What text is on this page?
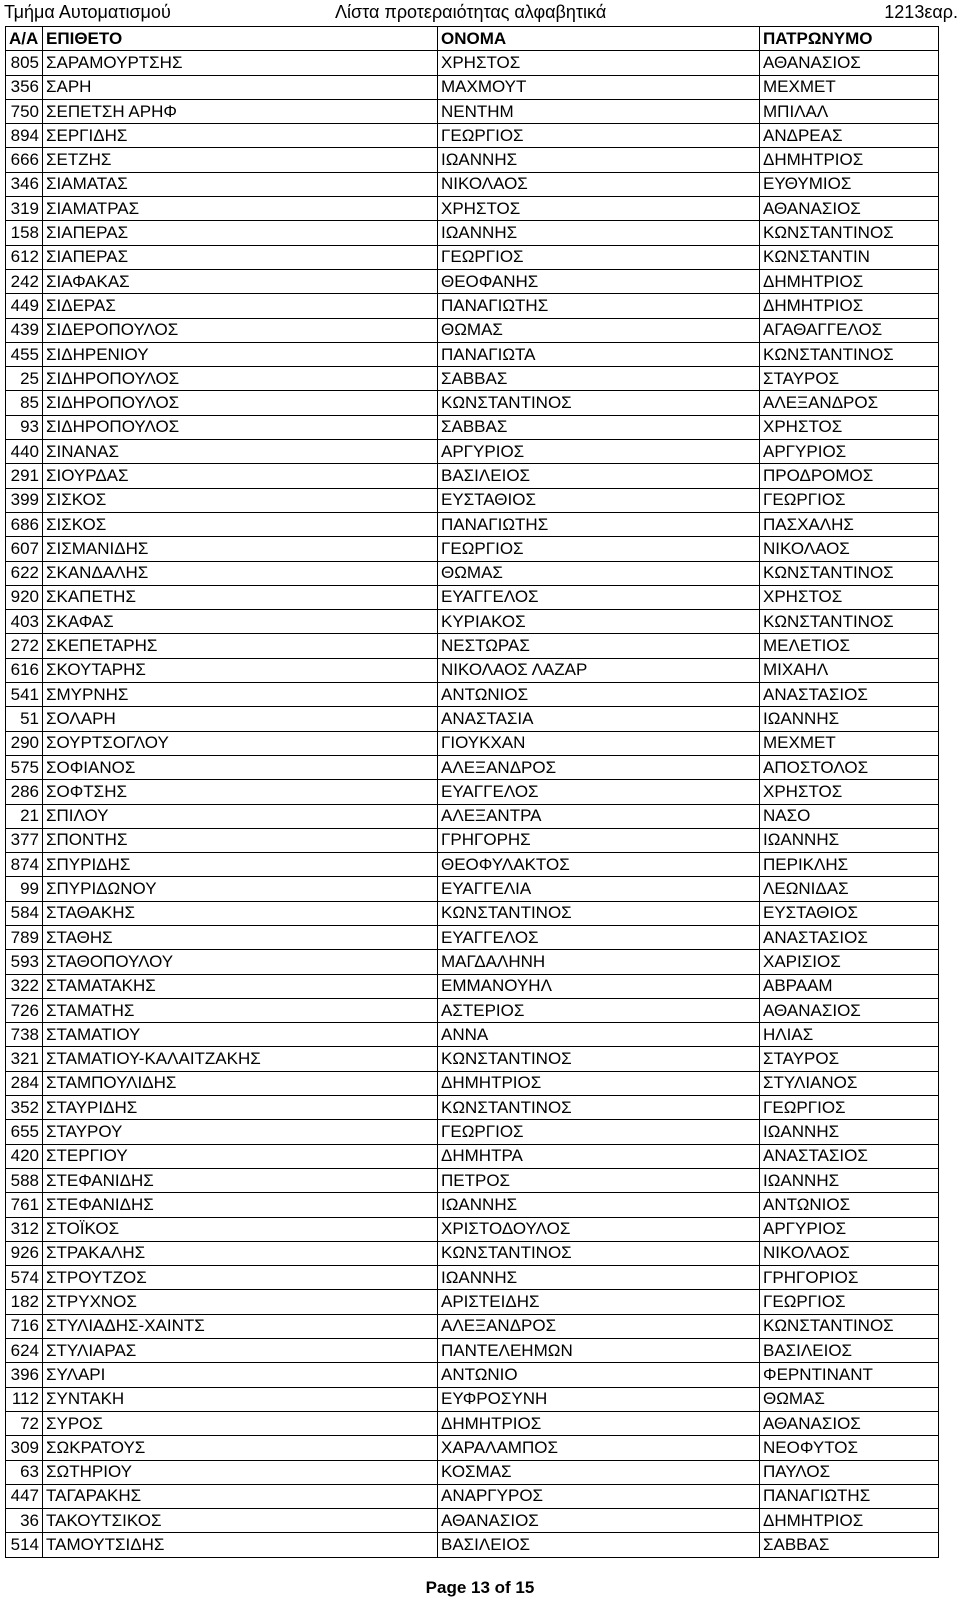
Τμήμα Αυτοματισμού	Λίστα προτεραιότητας αλφαβητικά	1213εαρ.
Α/Α	ΕΠΙΘΕΤΟ	ΟΝΟΜΑ	ΠΑΤΡΩΝΥΜΟ
805	ΣΑΡΑΜΟΥΡΤΣΗΣ	ΧΡΗΣΤΟΣ	ΑΘΑΝΑΣΙΟΣ
356	ΣΑΡΗ	ΜΑΧΜΟΥΤ	ΜΕΧΜΕΤ
750	ΣΕΠΕΤΣΗ ΑΡΗΦ	ΝΕΝΤΗΜ	ΜΠΙΛΑΛ
894	ΣΕΡΓΙΔΗΣ	ΓΕΩΡΓΙΟΣ	ΑΝΔΡΕΑΣ
666	ΣΕΤΖΗΣ	ΙΩΑΝΝΗΣ	ΔΗΜΗΤΡΙΟΣ
346	ΣΙΑΜΑΤΑΣ	ΝΙΚΟΛΑΟΣ	ΕΥΘΥΜΙΟΣ
319	ΣΙΑΜΑΤΡΑΣ	ΧΡΗΣΤΟΣ	ΑΘΑΝΑΣΙΟΣ
158	ΣΙΑΠΕΡΑΣ	ΙΩΑΝΝΗΣ	ΚΩΝΣΤΑΝΤΙΝΟΣ
612	ΣΙΑΠΕΡΑΣ	ΓΕΩΡΓΙΟΣ	ΚΩΝΣΤΑΝΤΙΝ
242	ΣΙΑΦΑΚΑΣ	ΘΕΟΦΑΝΗΣ	ΔΗΜΗΤΡΙΟΣ
449	ΣΙΔΕΡΑΣ	ΠΑΝΑΓΙΩΤΗΣ	ΔΗΜΗΤΡΙΟΣ
439	ΣΙΔΕΡΟΠΟΥΛΟΣ	ΘΩΜΑΣ	ΑΓΑΘΑΓΓΕΛΟΣ
455	ΣΙΔΗΡΕΝΙΟΥ	ΠΑΝΑΓΙΩΤΑ	ΚΩΝΣΤΑΝΤΙΝΟΣ
25	ΣΙΔΗΡΟΠΟΥΛΟΣ	ΣΑΒΒΑΣ	ΣΤΑΥΡΟΣ
85	ΣΙΔΗΡΟΠΟΥΛΟΣ	ΚΩΝΣΤΑΝΤΙΝΟΣ	ΑΛΕΞΑΝΔΡΟΣ
93	ΣΙΔΗΡΟΠΟΥΛΟΣ	ΣΑΒΒΑΣ	ΧΡΗΣΤΟΣ
440	ΣΙΝΑΝΑΣ	ΑΡΓΥΡΙΟΣ	ΑΡΓΥΡΙΟΣ
291	ΣΙΟΥΡΔΑΣ	ΒΑΣΙΛΕΙΟΣ	ΠΡΟΔΡΟΜΟΣ
399	ΣΙΣΚΟΣ	ΕΥΣΤΑΘΙΟΣ	ΓΕΩΡΓΙΟΣ
686	ΣΙΣΚΟΣ	ΠΑΝΑΓΙΩΤΗΣ	ΠΑΣΧΑΛΗΣ
607	ΣΙΣΜΑΝΙΔΗΣ	ΓΕΩΡΓΙΟΣ	ΝΙΚΟΛΑΟΣ
622	ΣΚΑΝΔΑΛΗΣ	ΘΩΜΑΣ	ΚΩΝΣΤΑΝΤΙΝΟΣ
920	ΣΚΑΠΕΤΗΣ	ΕΥΑΓΓΕΛΟΣ	ΧΡΗΣΤΟΣ
403	ΣΚΑΦΑΣ	ΚΥΡΙΑΚΟΣ	ΚΩΝΣΤΑΝΤΙΝΟΣ
272	ΣΚΕΠΕΤΑΡΗΣ	ΝΕΣΤΩΡΑΣ	ΜΕΛΕΤΙΟΣ
616	ΣΚΟΥΤΑΡΗΣ	ΝΙΚΟΛΑΟΣ ΛΑΖΑΡ	ΜΙΧΑΗΛ
541	ΣΜΥΡΝΗΣ	ΑΝΤΩΝΙΟΣ	ΑΝΑΣΤΑΣΙΟΣ
51	ΣΟΛΑΡΗ	ΑΝΑΣΤΑΣΙΑ	ΙΩΑΝΝΗΣ
290	ΣΟΥΡΤΣΟΓΛΟΥ	ΓΙΟΥΚΧΑΝ	ΜΕΧΜΕΤ
575	ΣΟΦΙΑΝΟΣ	ΑΛΕΞΑΝΔΡΟΣ	ΑΠΟΣΤΟΛΟΣ
286	ΣΟΦΤΣΗΣ	ΕΥΑΓΓΕΛΟΣ	ΧΡΗΣΤΟΣ
21	ΣΠΙΛΟΥ	ΑΛΕΞΑΝΤΡΑ	ΝΑΣΟ
377	ΣΠΟΝΤΗΣ	ΓΡΗΓΟΡΗΣ	ΙΩΑΝΝΗΣ
874	ΣΠΥΡΙΔΗΣ	ΘΕΟΦΥΛΑΚΤΟΣ	ΠΕΡΙΚΛΗΣ
99	ΣΠΥΡΙΔΩΝΟΥ	ΕΥΑΓΓΕΛΙΑ	ΛΕΩΝΙΔΑΣ
584	ΣΤΑΘΑΚΗΣ	ΚΩΝΣΤΑΝΤΙΝΟΣ	ΕΥΣΤΑΘΙΟΣ
789	ΣΤΑΘΗΣ	ΕΥΑΓΓΕΛΟΣ	ΑΝΑΣΤΑΣΙΟΣ
593	ΣΤΑΘΟΠΟΥΛΟΥ	ΜΑΓΔΑΛΗΝΗ	ΧΑΡΙΣΙΟΣ
322	ΣΤΑΜΑΤΑΚΗΣ	ΕΜΜΑΝΟΥΗΛ	ΑΒΡΑΑΜ
726	ΣΤΑΜΑΤΗΣ	ΑΣΤΕΡΙΟΣ	ΑΘΑΝΑΣΙΟΣ
738	ΣΤΑΜΑΤΙΟΥ	ΑΝΝΑ	ΗΛΙΑΣ
321	ΣΤΑΜΑΤΙΟΥ-ΚΑΛΑΙΤΖΑΚΗΣ	ΚΩΝΣΤΑΝΤΙΝΟΣ	ΣΤΑΥΡΟΣ
284	ΣΤΑΜΠΟΥΛΙΔΗΣ	ΔΗΜΗΤΡΙΟΣ	ΣΤΥΛΙΑΝΟΣ
352	ΣΤΑΥΡΙΔΗΣ	ΚΩΝΣΤΑΝΤΙΝΟΣ	ΓΕΩΡΓΙΟΣ
655	ΣΤΑΥΡΟΥ	ΓΕΩΡΓΙΟΣ	ΙΩΑΝΝΗΣ
420	ΣΤΕΡΓΙΟΥ	ΔΗΜΗΤΡΑ	ΑΝΑΣΤΑΣΙΟΣ
588	ΣΤΕΦΑΝΙΔΗΣ	ΠΕΤΡΟΣ	ΙΩΑΝΝΗΣ
761	ΣΤΕΦΑΝΙΔΗΣ	ΙΩΑΝΝΗΣ	ΑΝΤΩΝΙΟΣ
312	ΣΤΟΪΚΟΣ	ΧΡΙΣΤΟΔΟΥΛΟΣ	ΑΡΓΥΡΙΟΣ
926	ΣΤΡΑΚΑΛΗΣ	ΚΩΝΣΤΑΝΤΙΝΟΣ	ΝΙΚΟΛΑΟΣ
574	ΣΤΡΟΥΤΖΟΣ	ΙΩΑΝΝΗΣ	ΓΡΗΓΟΡΙΟΣ
182	ΣΤΡΥΧΝΟΣ	ΑΡΙΣΤΕΙΔΗΣ	ΓΕΩΡΓΙΟΣ
716	ΣΤΥΛΙΑΔΗΣ-ΧΑΙΝΤΣ	ΑΛΕΞΑΝΔΡΟΣ	ΚΩΝΣΤΑΝΤΙΝΟΣ
624	ΣΤΥΛΙΑΡΑΣ	ΠΑΝΤΕΛΕΗΜΩΝ	ΒΑΣΙΛΕΙΟΣ
396	ΣΥΛΑΡΙ	ΑΝΤΩΝΙΟ	ΦΕΡΝΤΙΝΑΝΤ
112	ΣΥΝΤΑΚΗ	ΕΥΦΡΟΣΥΝΗ	ΘΩΜΑΣ
72	ΣΥΡΟΣ	ΔΗΜΗΤΡΙΟΣ	ΑΘΑΝΑΣΙΟΣ
309	ΣΩΚΡΑΤΟΥΣ	ΧΑΡΑΛΑΜΠΟΣ	ΝΕΟΦΥΤΟΣ
63	ΣΩΤΗΡΙΟΥ	ΚΟΣΜΑΣ	ΠΑΥΛΟΣ
447	ΤΑΓΑΡΑΚΗΣ	ΑΝΑΡΓΥΡΟΣ	ΠΑΝΑΓΙΩΤΗΣ
36	ΤΑΚΟΥΤΣΙΚΟΣ	ΑΘΑΝΑΣΙΟΣ	ΔΗΜΗΤΡΙΟΣ
514	ΤΑΜΟΥΤΣΙΔΗΣ	ΒΑΣΙΛΕΙΟΣ	ΣΑΒΒΑΣ
Page 13 of 15
